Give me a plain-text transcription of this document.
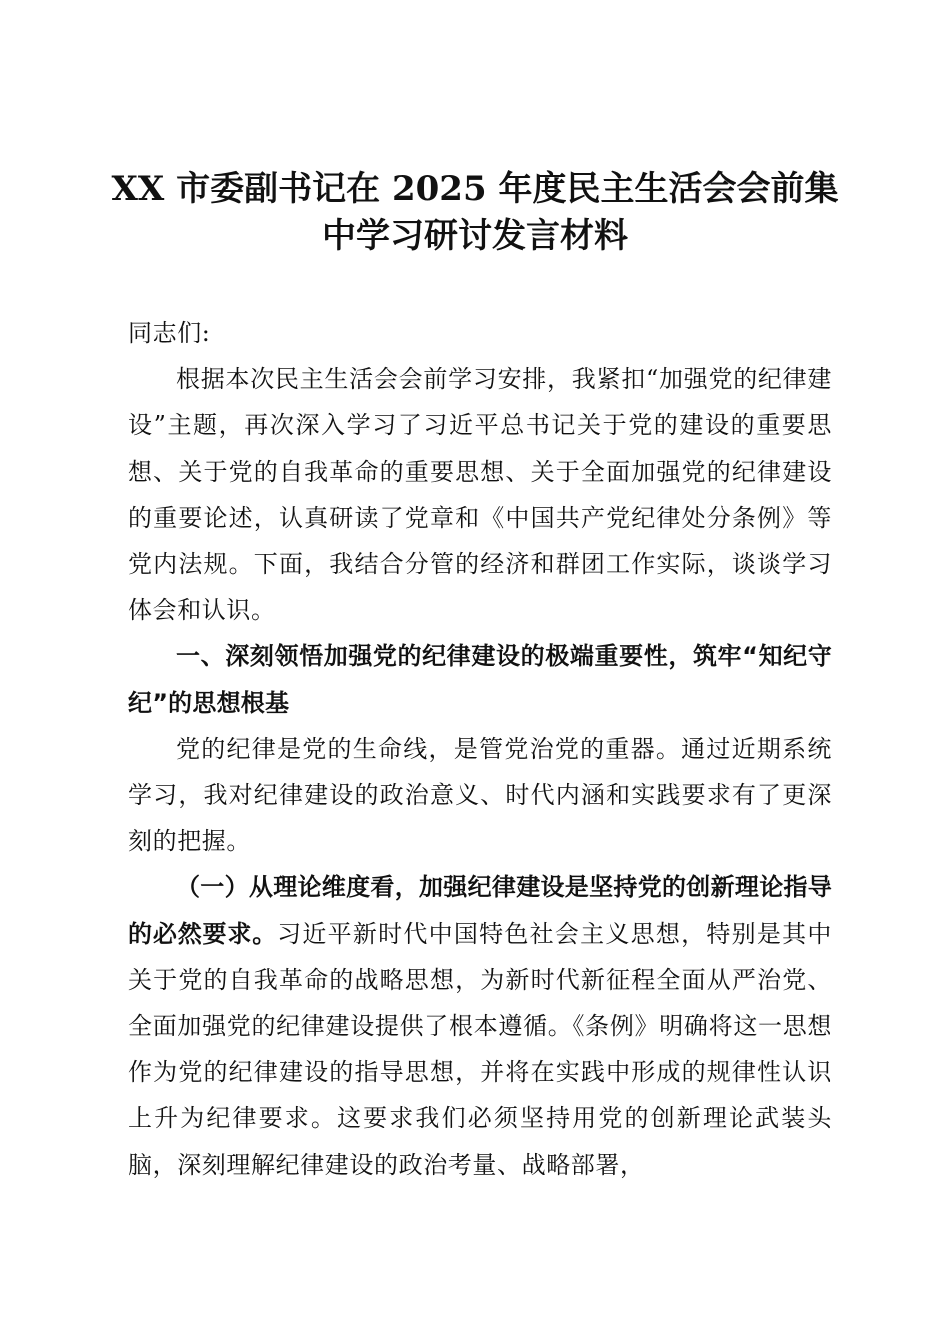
XX 市委副书记在 2025 年度民主生活会会前集
中学习研讨发言材料

同志们:

根据本次民主生活会会前学习安排，我紧扣“加强党的纪律建设”主题，再次深入学习了习近平总书记关于党的建设的重要思想、关于党的自我革命的重要思想、关于全面加强党的纪律建设的重要论述，认真研读了党章和《中国共产党纪律处分条例》等党内法规。下面，我结合分管的经济和群团工作实际，谈谈学习体会和认识。

一、深刻领悟加强党的纪律建设的极端重要性，筑牢“知纪守纪”的思想根基

党的纪律是党的生命线，是管党治党的重器。通过近期系统学习，我对纪律建设的政治意义、时代内涵和实践要求有了更深刻的把握。

（一）从理论维度看，加强纪律建设是坚持党的创新理论指导的必然要求。习近平新时代中国特色社会主义思想，特别是其中关于党的自我革命的战略思想，为新时代新征程全面从严治党、全面加强党的纪律建设提供了根本遵循。《条例》明确将这一思想作为党的纪律建设的指导思想，并将在实践中形成的规律性认识上升为纪律要求。这要求我们必须坚持用党的创新理论武装头脑，深刻理解纪律建设的政治考量、战略部署，
